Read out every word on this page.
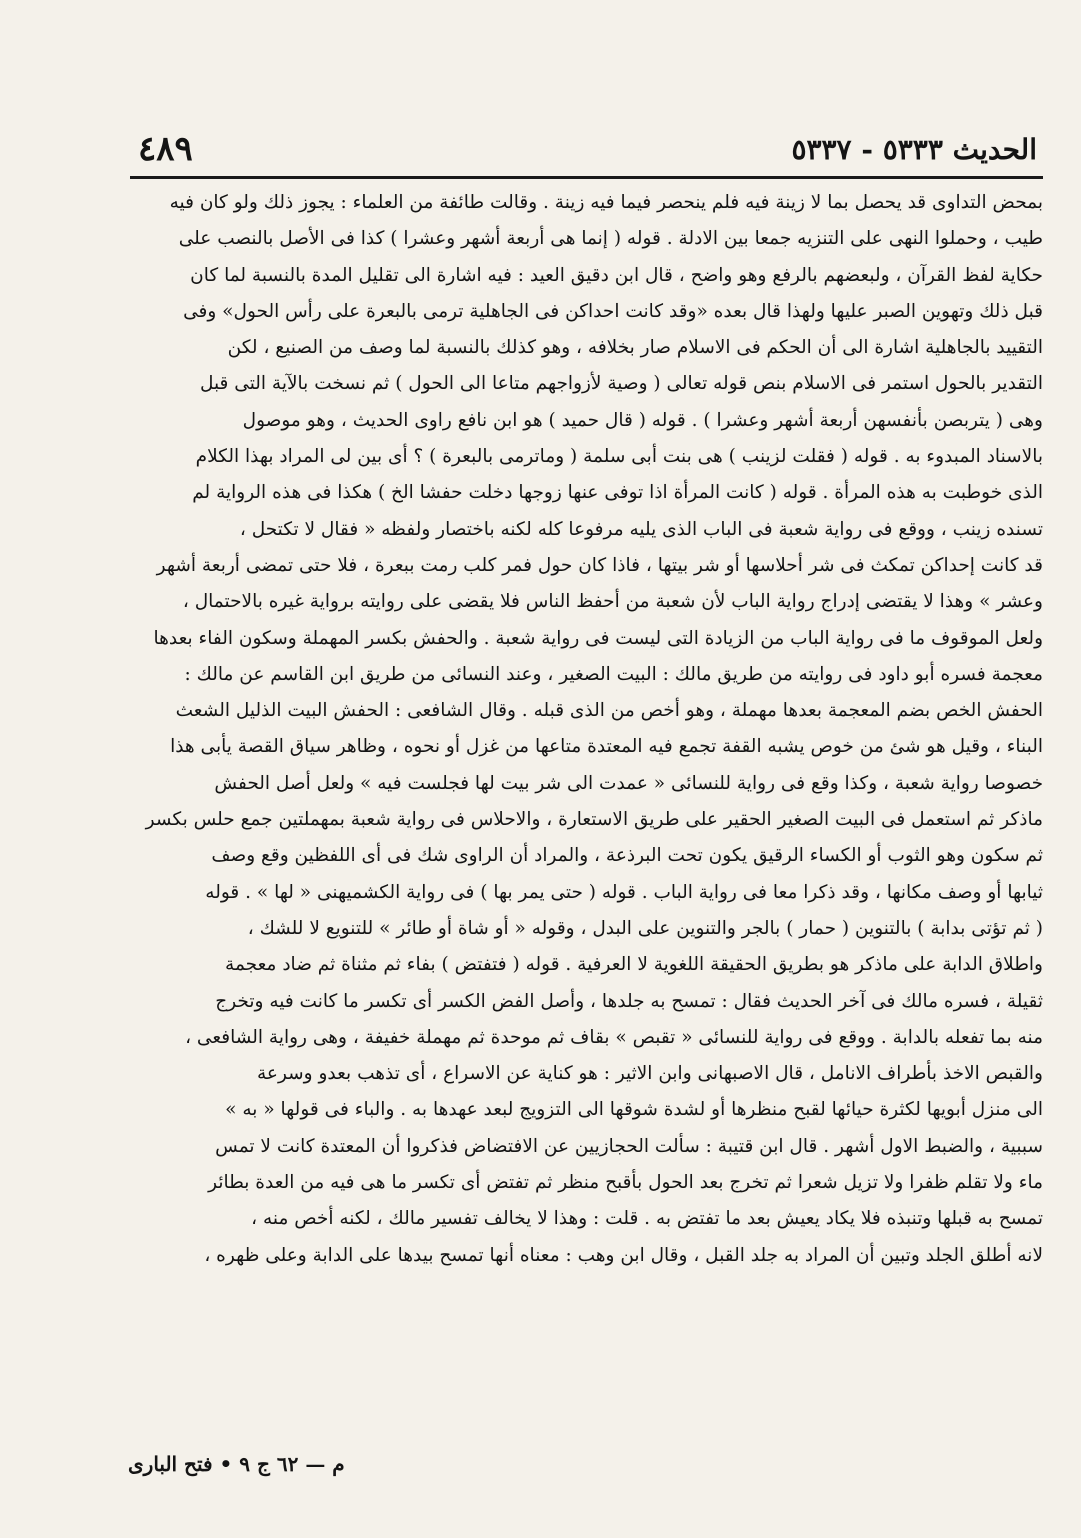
٤٨٩	الحديث ٥٣٣٣ - ٥٣٣٧
بمحض التداوى قد يحصل بما لا زينة فيه فلم ينحصر فيما فيه زينة . وقالت طائفة من العلماء : يجوز ذلك ولو كان فيه
طيب ، وحملوا النهى على التنزيه جمعا بين الادلة . قوله ( إنما هى أربعة أشهر وعشرا ) كذا فى الأصل بالنصب على
حكاية لفظ القرآن ، ولبعضهم بالرفع وهو واضح ، قال ابن دقيق العيد : فيه اشارة الى تقليل المدة بالنسبة لما كان
قبل ذلك وتهوين الصبر عليها ولهذا قال بعده «وقد كانت احداكن فى الجاهلية ترمى بالبعرة على رأس الحول» وفى
التقييد بالجاهلية اشارة الى أن الحكم فى الاسلام صار بخلافه ، وهو كذلك بالنسبة لما وصف من الصنيع ، لكن
التقدير بالحول استمر فى الاسلام بنص قوله تعالى ( وصية لأزواجهم متاعا الى الحول ) ثم نسخت بالآية التى قبل
وهى ( يتربصن بأنفسهن أربعة أشهر وعشرا ) . قوله ( قال حميد ) هو ابن نافع راوى الحديث ، وهو موصول
بالاسناد المبدوء به . قوله ( فقلت لزينب ) هى بنت أبى سلمة ( وماترمى بالبعرة ) ؟ أى بين لى المراد بهذا الكلام
الذى خوطبت به هذه المرأة . قوله ( كانت المرأة اذا توفى عنها زوجها دخلت حفشا الخ ) هكذا فى هذه الرواية لم
تسنده زينب ، ووقع فى رواية شعبة فى الباب الذى يليه مرفوعا كله لكنه باختصار ولفظه « فقال لا تكتحل ،
قد كانت إحداكن تمكث فى شر أحلاسها أو شر بيتها ، فاذا كان حول فمر كلب رمت ببعرة ، فلا حتى تمضى أربعة أشهر
وعشر » وهذا لا يقتضى إدراج رواية الباب لأن شعبة من أحفظ الناس فلا يقضى على روايته برواية غيره بالاحتمال ،
ولعل الموقوف ما فى رواية الباب من الزيادة التى ليست فى رواية شعبة . والحفش بكسر المهملة وسكون الفاء بعدها
معجمة فسره أبو داود فى روايته من طريق مالك : البيت الصغير ، وعند النسائى من طريق ابن القاسم عن مالك :
الحفش الخص بضم المعجمة بعدها مهملة ، وهو أخص من الذى قبله . وقال الشافعى : الحفش البيت الذليل الشعث
البناء ، وقيل هو شئ من خوص يشبه القفة تجمع فيه المعتدة متاعها من غزل أو نحوه ، وظاهر سياق القصة يأبى هذا
خصوصا رواية شعبة ، وكذا وقع فى رواية للنسائى « عمدت الى شر بيت لها فجلست فيه » ولعل أصل الحفش
ماذكر ثم استعمل فى البيت الصغير الحقير على طريق الاستعارة ، والاحلاس فى رواية شعبة بمهملتين جمع حلس بكسر
ثم سكون وهو الثوب أو الكساء الرقيق يكون تحت البرذعة ، والمراد أن الراوى شك فى أى اللفظين وقع وصف
ثيابها أو وصف مكانها ، وقد ذكرا معا فى رواية الباب . قوله ( حتى يمر بها ) فى رواية الكشميهنى « لها » . قوله
( ثم تؤتى بدابة ) بالتنوين ( حمار ) بالجر والتنوين على البدل ، وقوله « أو شاة أو طائر » للتنويع لا للشك ،
واطلاق الدابة على ماذكر هو بطريق الحقيقة اللغوية لا العرفية . قوله ( فتفتض ) بفاء ثم مثناة ثم ضاد معجمة
ثقيلة ، فسره مالك فى آخر الحديث فقال : تمسح به جلدها ، وأصل الفض الكسر أى تكسر ما كانت فيه وتخرج
منه بما تفعله بالدابة . ووقع فى رواية للنسائى « تقبص » بقاف ثم موحدة ثم مهملة خفيفة ، وهى رواية الشافعى ،
والقبص الاخذ بأطراف الانامل ، قال الاصبهانى وابن الاثير : هو كناية عن الاسراع ، أى تذهب بعدو وسرعة
الى منزل أبويها لكثرة حيائها لقبح منظرها أو لشدة شوقها الى التزويج لبعد عهدها به . والباء فى قولها « به »
سببية ، والضبط الاول أشهر . قال ابن قتيبة : سألت الحجازيين عن الافتضاض فذكروا أن المعتدة كانت لا تمس
ماء ولا تقلم ظفرا ولا تزيل شعرا ثم تخرج بعد الحول بأقبح منظر ثم تفتض أى تكسر ما هى فيه من العدة بطائر
تمسح به قبلها وتنبذه فلا يكاد يعيش بعد ما تفتض به . قلت : وهذا لا يخالف تفسير مالك ، لكنه أخص منه ،
لانه أطلق الجلد وتبين أن المراد به جلد القبل ، وقال ابن وهب : معناه أنها تمسح بيدها على الدابة وعلى ظهره ،
م — ٦٢ ج ٩ • فتح البارى
